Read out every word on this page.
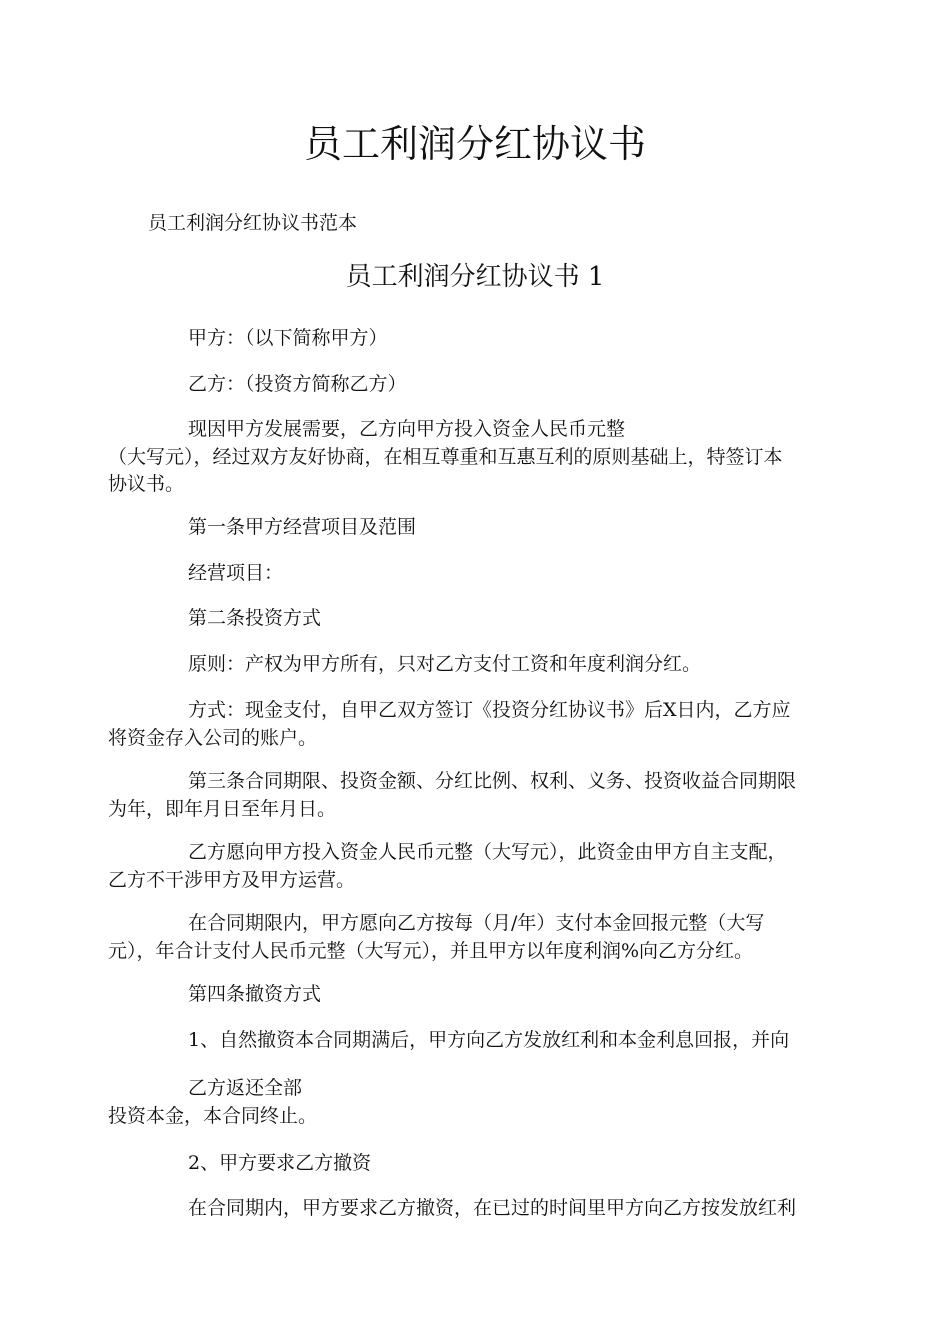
员工利润分红协议书

员工利润分红协议书范本

员工利润分红协议书 1

甲方：（以下简称甲方）

乙方：（投资方简称乙方）

现因甲方发展需要，乙方向甲方投入资金人民币元整
（大写元），经过双方友好协商，在相互尊重和互惠互利的原则基础上，特签订本
协议书。

第一条甲方经营项目及范围

经营项目：

第二条投资方式

原则：产权为甲方所有，只对乙方支付工资和年度利润分红。

方式：现金支付，自甲乙双方签订《投资分红协议书》后X日内，乙方应
将资金存入公司的账户。

第三条合同期限、投资金额、分红比例、权利、义务、投资收益合同期限
为年，即年月日至年月日。

乙方愿向甲方投入资金人民币元整（大写元），此资金由甲方自主支配，
乙方不干涉甲方及甲方运营。

在合同期限内，甲方愿向乙方按每（月/年）支付本金回报元整（大写
元），年合计支付人民币元整（大写元），并且甲方以年度利润%向乙方分红。

第四条撤资方式

1、自然撤资本合同期满后，甲方向乙方发放红利和本金利息回报，并向

乙方返还全部
投资本金，本合同终止。

2、甲方要求乙方撤资

在合同期内，甲方要求乙方撤资，在已过的时间里甲方向乙方按发放红利
